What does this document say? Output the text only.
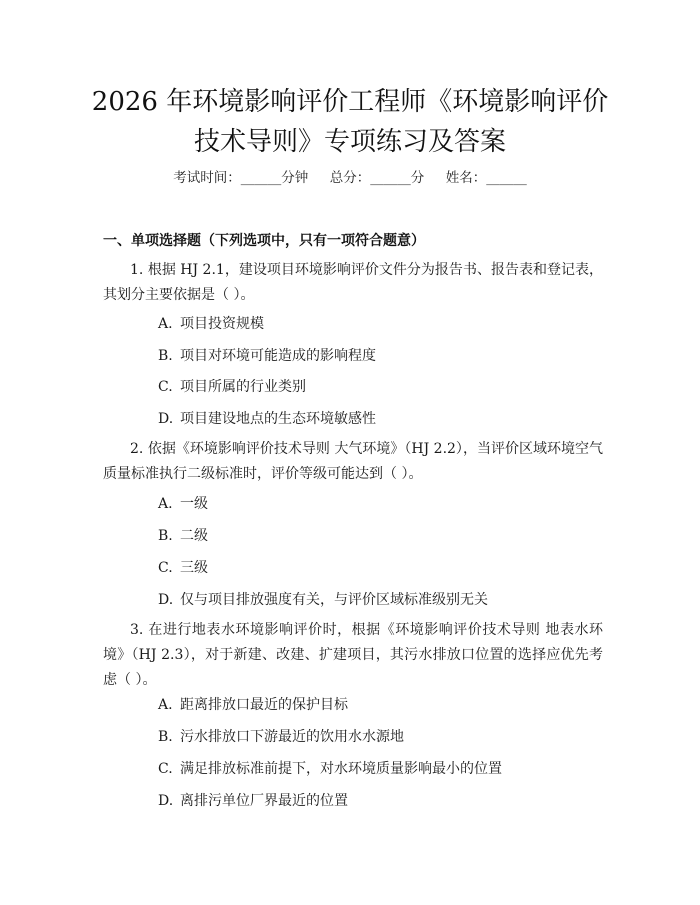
2026 年环境影响评价工程师《环境影响评价
技术导则》专项练习及答案
考试时间：______分钟     总分：______分     姓名：______
一、单项选择题（下列选项中，只有一项符合题意）
1. 根据 HJ 2.1，建设项目环境影响评价文件分为报告书、报告表和登记表，其划分主要依据是（ ）。
A. 项目投资规模
B. 项目对环境可能造成的影响程度
C. 项目所属的行业类别
D. 项目建设地点的生态环境敏感性
2. 依据《环境影响评价技术导则 大气环境》（HJ 2.2），当评价区域环境空气质量标准执行二级标准时，评价等级可能达到（ ）。
A. 一级
B. 二级
C. 三级
D. 仅与项目排放强度有关，与评价区域标准级别无关
3. 在进行地表水环境影响评价时，根据《环境影响评价技术导则 地表水环境》（HJ 2.3），对于新建、改建、扩建项目，其污水排放口位置的选择应优先考虑（ ）。
A. 距离排放口最近的保护目标
B. 污水排放口下游最近的饮用水水源地
C. 满足排放标准前提下，对水环境质量影响最小的位置
D. 离排污单位厂界最近的位置
